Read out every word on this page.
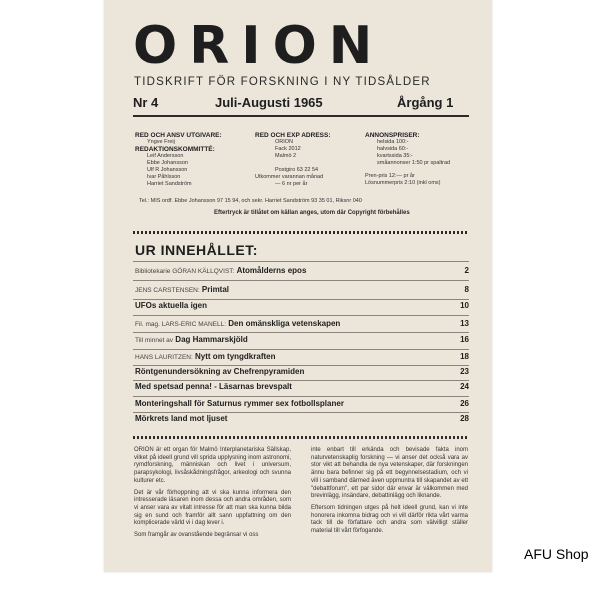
ORION
TIDSKRIFT FÖR FORSKNING I NY TIDSÅLDER
Nr 4	Juli-Augusti 1965	Årgång 1
RED OCH ANSV UTGIVARE:
Yngve Freij
REDAKTIONSKOMMITTÉ:
Leif Andersson
Ebbe Johansson
Ulf R Johansson
Ivar Påhlsson
Harriet Sandström
RED OCH EXP ADRESS:
ORION
Fack 2012
Malmö 2
Postgiro 63 22 54
Utkommer varannan månad
— 6 nr per år
ANNONSPRISER:
helsida 100:-
halvsida 60:-
kvartssida 35:-
småannonser 1:50 pr spaltrad
Pren-pris 12:— pr år
Lösnummerpris 2:10 (inkl oms)
Tel.: MIS ordf. Ebbe Johansson 97 15 94, och sekr. Harriet Sandström 93 35 01, Riksnr 040
Eftertryck är tillåtet om källan anges, utom där Copyright förbehålles
UR INNEHÅLLET:
Bibliotekarie GÖRAN KÄLLQVIST: Atomålderns epos	2
JENS CARSTENSEN: Primtal	8
UFOs aktuella igen	10
Fil. mag. LARS-ERIC MANELL: Den omänskliga vetenskapen	13
Till minnet av Dag Hammarskjöld	16
HANS LAURITZEN: Nytt om tyngdkraften	18
Röntgenundersökning av Chefrenpyramiden	23
Med spetsad penna! - Läsarnas brevspalt	24
Monteringshall för Saturnus rymmer sex fotbollsplaner	26
Mörkrets land mot ljuset	28

ORION är ett organ för Malmö Interplanetariska Sällskap, vilket på ideell grund vill sprida upplysning inom astronomi, rymdforskning, människan och livet i universum, parapsykologi, livsåskådningsfrågor, arkeologi och svunna kulturer etc.

Det är vår förhoppning att vi ska kunna informera den intresserade läsaren inom dessa och andra områden, som vi anser vara av vitalt intresse för att man ska kunna bilda sig en sund och framför allt sann uppfattning om den komplicerade värld vi i dag lever i.

Som framgår av ovanstående begränsar vi oss

inte enbart till erkända och bevisade fakta inom naturvetenskaplig forskning — vi anser det också vara av stor vikt att behandla de nya vetenskaper, där forskningen ännu bara befinner sig på ett begynnelsestadium, och vi vill i samband därmed även uppmuntra till skapandet av ett "debattforum", ett par sidor där envar är välkommen med brevinlägg, insändare, debattinlägg och liknande.

Eftersom tidningen utges på helt ideell grund, kan vi inte honorera inkomna bidrag och vi vill därför rikta vårt varma tack till de författare och andra som välvilligt ställer material till vårt förfogande.

AFU Shop
